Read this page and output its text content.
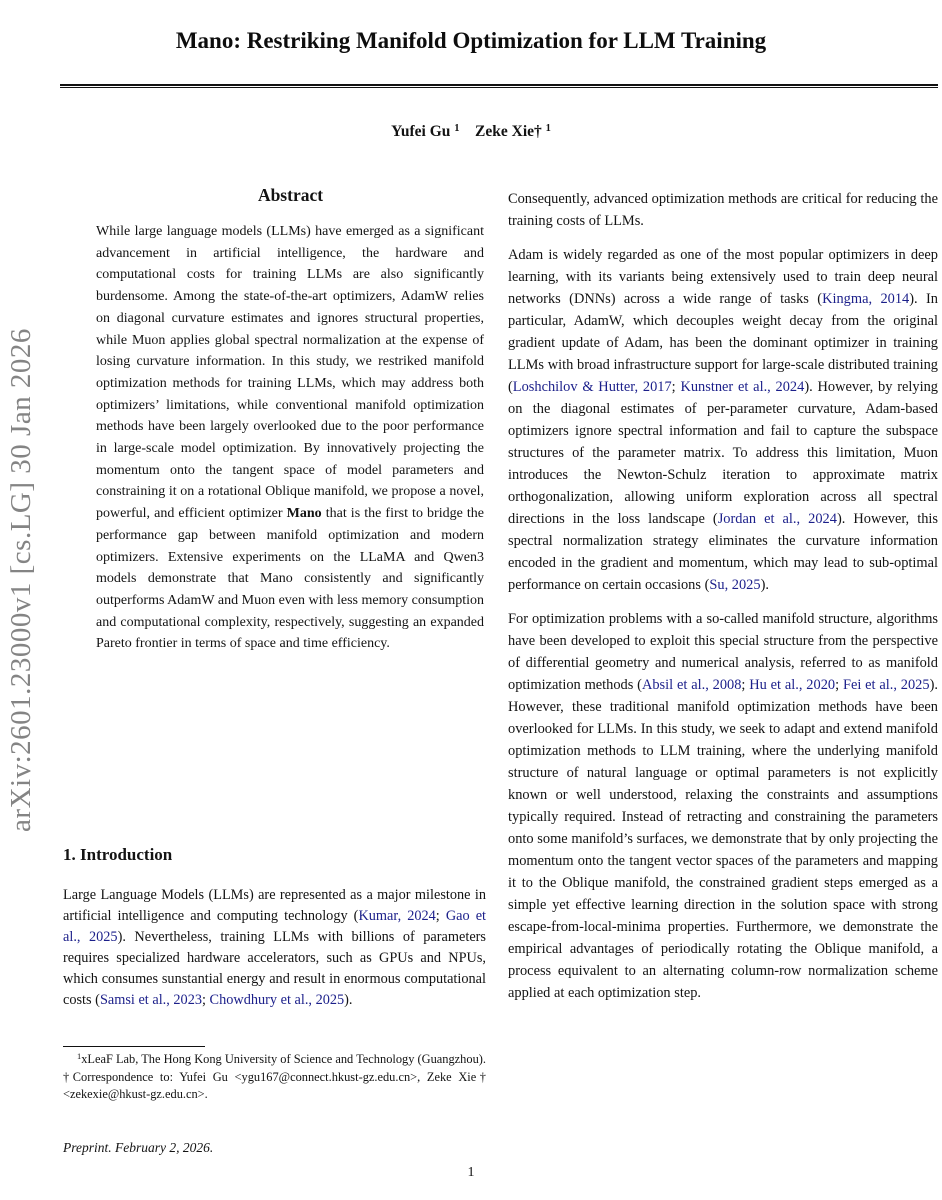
arXiv:2601.23000v1 [cs.LG] 30 Jan 2026
Mano: Restriking Manifold Optimization for LLM Training
Yufei Gu $^1$   Zeke Xie† $^1$
Abstract
While large language models (LLMs) have emerged as a significant advancement in artificial intelligence, the hardware and computational costs for training LLMs are also significantly burdensome. Among the state-of-the-art optimizers, AdamW relies on diagonal curvature estimates and ignores structural properties, while Muon applies global spectral normalization at the expense of losing curvature information. In this study, we restriked manifold optimization methods for training LLMs, which may address both optimizers’ limitations, while conventional manifold optimization methods have been largely overlooked due to the poor performance in large-scale model optimization. By innovatively projecting the momentum onto the tangent space of model parameters and constraining it on a rotational Oblique manifold, we propose a novel, powerful, and efficient optimizer Mano that is the first to bridge the performance gap between manifold optimization and modern optimizers. Extensive experiments on the LLaMA and Qwen3 models demonstrate that Mano consistently and significantly outperforms AdamW and Muon even with less memory consumption and computational complexity, respectively, suggesting an expanded Pareto frontier in terms of space and time efficiency.
1. Introduction
Large Language Models (LLMs) are represented as a major milestone in artificial intelligence and computing technology (Kumar, 2024; Gao et al., 2025). Nevertheless, training LLMs with billions of parameters requires specialized hardware accelerators, such as GPUs and NPUs, which consumes sunstantial energy and result in enormous computational costs (Samsi et al., 2023; Chowdhury et al., 2025).
$^1$xLeaF Lab, The Hong Kong University of Science and Technology (Guangzhou). †Correspondence to: Yufei Gu <ygu167@connect.hkust-gz.edu.cn>, Zeke Xie† <zekexie@hkust-gz.edu.cn>.
Preprint. February 2, 2026.

Consequently, advanced optimization methods are critical for reducing the training costs of LLMs.

Adam is widely regarded as one of the most popular optimizers in deep learning, with its variants being extensively used to train deep neural networks (DNNs) across a wide range of tasks (Kingma, 2014). In particular, AdamW, which decouples weight decay from the original gradient update of Adam, has been the dominant optimizer in training LLMs with broad infrastructure support for large-scale distributed training (Loshchilov & Hutter, 2017; Kunstner et al., 2024). However, by relying on the diagonal estimates of per-parameter curvature, Adam-based optimizers ignore spectral information and fail to capture the subspace structures of the parameter matrix. To address this limitation, Muon introduces the Newton-Schulz iteration to approximate matrix orthogonalization, allowing uniform exploration across all spectral directions in the loss landscape (Jordan et al., 2024). However, this spectral normalization strategy eliminates the curvature information encoded in the gradient and momentum, which may lead to sub-optimal performance on certain occasions (Su, 2025).

For optimization problems with a so-called manifold structure, algorithms have been developed to exploit this special structure from the perspective of differential geometry and numerical analysis, referred to as manifold optimization methods (Absil et al., 2008; Hu et al., 2020; Fei et al., 2025). However, these traditional manifold optimization methods have been overlooked for LLMs. In this study, we seek to adapt and extend manifold optimization methods to LLM training, where the underlying manifold structure of natural language or optimal parameters is not explicitly known or well understood, relaxing the constraints and assumptions typically required. Instead of retracting and constraining the parameters onto some manifold’s surfaces, we demonstrate that by only projecting the momentum onto the tangent vector spaces of the parameters and mapping it to the Oblique manifold, the constrained gradient steps emerged as a simple yet effective learning direction in the solution space with strong escape-from-local-minima properties. Furthermore, we demonstrate the empirical advantages of periodically rotating the Oblique manifold, a process equivalent to an alternating column-row normalization scheme applied at each optimization step.

1
